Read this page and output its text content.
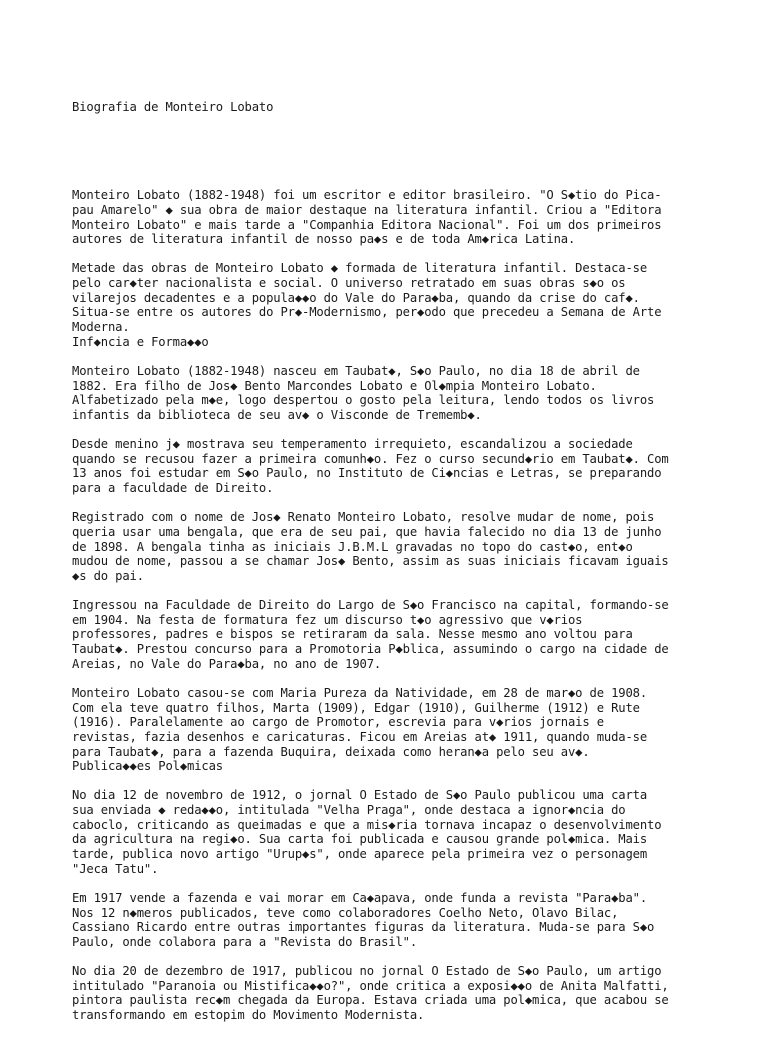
Biografia de Monteiro Lobato

Monteiro Lobato (1882-1948) foi um escritor e editor brasileiro. "O S◆tio do Pica-
pau Amarelo" ◆ sua obra de maior destaque na literatura infantil. Criou a "Editora
Monteiro Lobato" e mais tarde a "Companhia Editora Nacional". Foi um dos primeiros
autores de literatura infantil de nosso pa◆s e de toda Am◆rica Latina.
Metade das obras de Monteiro Lobato ◆ formada de literatura infantil. Destaca-se
pelo car◆ter nacionalista e social. O universo retratado em suas obras s◆o os
vilarejos decadentes e a popula◆◆o do Vale do Para◆ba, quando da crise do caf◆.
Situa-se entre os autores do Pr◆-Modernismo, per◆odo que precedeu a Semana de Arte
Moderna.
Inf◆ncia e Forma◆◆o
Monteiro Lobato (1882-1948) nasceu em Taubat◆, S◆o Paulo, no dia 18 de abril de
1882. Era filho de Jos◆ Bento Marcondes Lobato e Ol◆mpia Monteiro Lobato.
Alfabetizado pela m◆e, logo despertou o gosto pela leitura, lendo todos os livros
infantis da biblioteca de seu av◆ o Visconde de Trememb◆.
Desde menino j◆ mostrava seu temperamento irrequieto, escandalizou a sociedade
quando se recusou fazer a primeira comunh◆o. Fez o curso secund◆rio em Taubat◆. Com
13 anos foi estudar em S◆o Paulo, no Instituto de Ci◆ncias e Letras, se preparando
para a faculdade de Direito.
Registrado com o nome de Jos◆ Renato Monteiro Lobato, resolve mudar de nome, pois
queria usar uma bengala, que era de seu pai, que havia falecido no dia 13 de junho
de 1898. A bengala tinha as iniciais J.B.M.L gravadas no topo do cast◆o, ent◆o
mudou de nome, passou a se chamar Jos◆ Bento, assim as suas iniciais ficavam iguais
◆s do pai.
Ingressou na Faculdade de Direito do Largo de S◆o Francisco na capital, formando-se
em 1904. Na festa de formatura fez um discurso t◆o agressivo que v◆rios
professores, padres e bispos se retiraram da sala. Nesse mesmo ano voltou para
Taubat◆. Prestou concurso para a Promotoria P◆blica, assumindo o cargo na cidade de
Areias, no Vale do Para◆ba, no ano de 1907.
Monteiro Lobato casou-se com Maria Pureza da Natividade, em 28 de mar◆o de 1908.
Com ela teve quatro filhos, Marta (1909), Edgar (1910), Guilherme (1912) e Rute
(1916). Paralelamente ao cargo de Promotor, escrevia para v◆rios jornais e
revistas, fazia desenhos e caricaturas. Ficou em Areias at◆ 1911, quando muda-se
para Taubat◆, para a fazenda Buquira, deixada como heran◆a pelo seu av◆.
Publica◆◆es Pol◆micas
No dia 12 de novembro de 1912, o jornal O Estado de S◆o Paulo publicou uma carta
sua enviada ◆ reda◆◆o, intitulada "Velha Praga", onde destaca a ignor◆ncia do
caboclo, criticando as queimadas e que a mis◆ria tornava incapaz o desenvolvimento
da agricultura na regi◆o. Sua carta foi publicada e causou grande pol◆mica. Mais
tarde, publica novo artigo "Urup◆s", onde aparece pela primeira vez o personagem
"Jeca Tatu".
Em 1917 vende a fazenda e vai morar em Ca◆apava, onde funda a revista "Para◆ba".
Nos 12 n◆meros publicados, teve como colaboradores Coelho Neto, Olavo Bilac,
Cassiano Ricardo entre outras importantes figuras da literatura. Muda-se para S◆o
Paulo, onde colabora para a "Revista do Brasil".
No dia 20 de dezembro de 1917, publicou no jornal O Estado de S◆o Paulo, um artigo
intitulado "Paranoia ou Mistifica◆◆o?", onde critica a exposi◆◆o de Anita Malfatti,
pintora paulista rec◆m chegada da Europa. Estava criada uma pol◆mica, que acabou se
transformando em estopim do Movimento Modernista.
